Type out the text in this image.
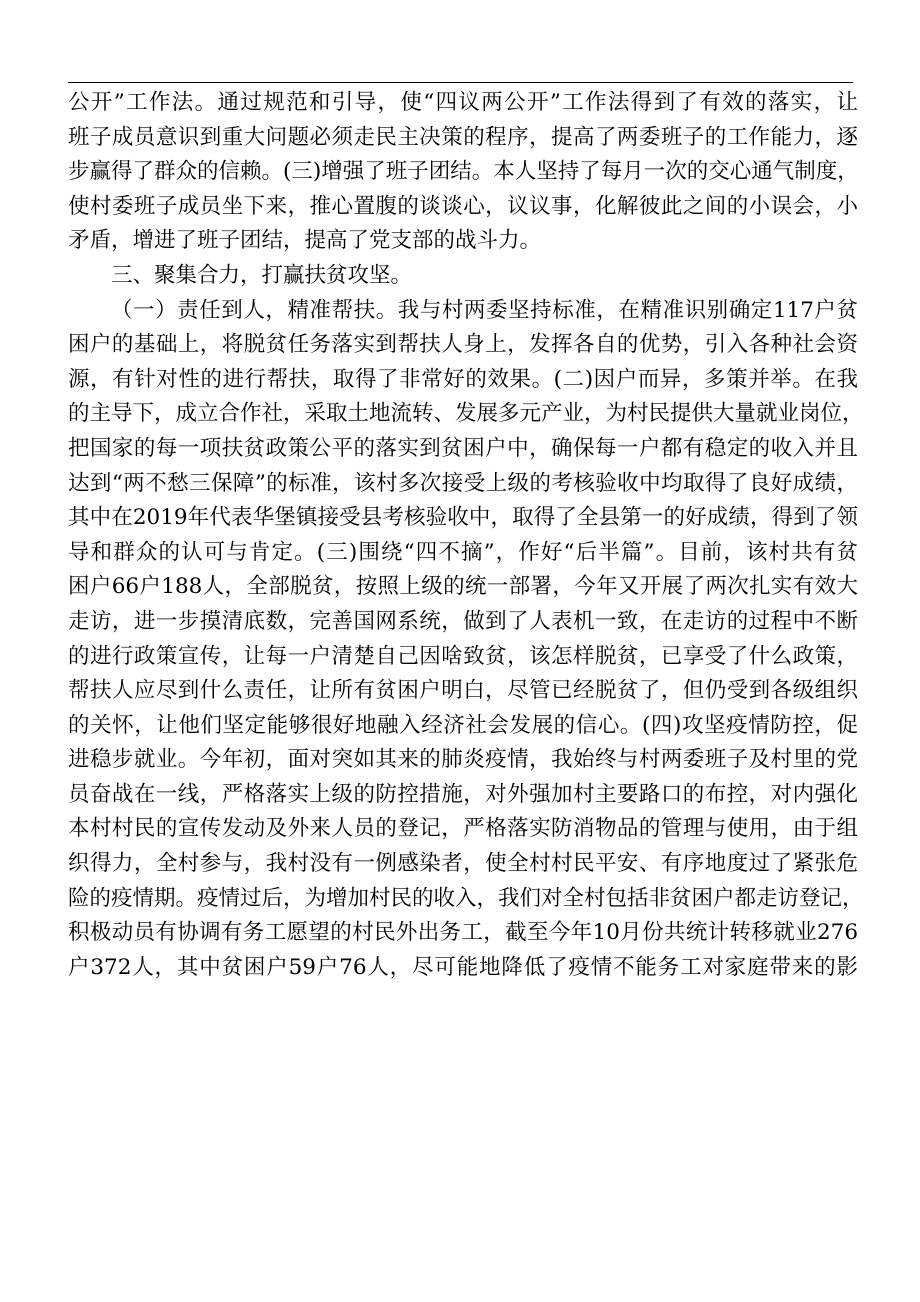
公开”工作法。通过规范和引导，使“四议两公开”工作法得到了有效的落实，让
班子成员意识到重大问题必须走民主决策的程序，提高了两委班子的工作能力，逐
步赢得了群众的信赖。(三)增强了班子团结。本人坚持了每月一次的交心通气制度，
使村委班子成员坐下来，推心置腹的谈谈心，议议事，化解彼此之间的小误会，小
矛盾，增进了班子团结，提高了党支部的战斗力。
三、聚集合力，打赢扶贫攻坚。
（一）责任到人，精准帮扶。我与村两委坚持标准，在精准识别确定117户贫
困户的基础上，将脱贫任务落实到帮扶人身上，发挥各自的优势，引入各种社会资
源，有针对性的进行帮扶，取得了非常好的效果。(二)因户而异，多策并举。在我
的主导下，成立合作社，采取土地流转、发展多元产业，为村民提供大量就业岗位，
把国家的每一项扶贫政策公平的落实到贫困户中，确保每一户都有稳定的收入并且
达到“两不愁三保障”的标准，该村多次接受上级的考核验收中均取得了良好成绩，
其中在2019年代表华堡镇接受县考核验收中，取得了全县第一的好成绩，得到了领
导和群众的认可与肯定。(三)围绕“四不摘”，作好“后半篇”。目前，该村共有贫
困户66户188人，全部脱贫，按照上级的统一部署，今年又开展了两次扎实有效大
走访，进一步摸清底数，完善国网系统，做到了人表机一致，在走访的过程中不断
的进行政策宣传，让每一户清楚自己因啥致贫，该怎样脱贫，已享受了什么政策，
帮扶人应尽到什么责任，让所有贫困户明白，尽管已经脱贫了，但仍受到各级组织
的关怀，让他们坚定能够很好地融入经济社会发展的信心。(四)攻坚疫情防控，促
进稳步就业。今年初，面对突如其来的肺炎疫情，我始终与村两委班子及村里的党
员奋战在一线，严格落实上级的防控措施，对外强加村主要路口的布控，对内强化
本村村民的宣传发动及外来人员的登记，严格落实防消物品的管理与使用，由于组
织得力，全村参与，我村没有一例感染者，使全村村民平安、有序地度过了紧张危
险的疫情期。疫情过后，为增加村民的收入，我们对全村包括非贫困户都走访登记，
积极动员有协调有务工愿望的村民外出务工，截至今年10月份共统计转移就业276
户372人，其中贫困户59户76人，尽可能地降低了疫情不能务工对家庭带来的影
